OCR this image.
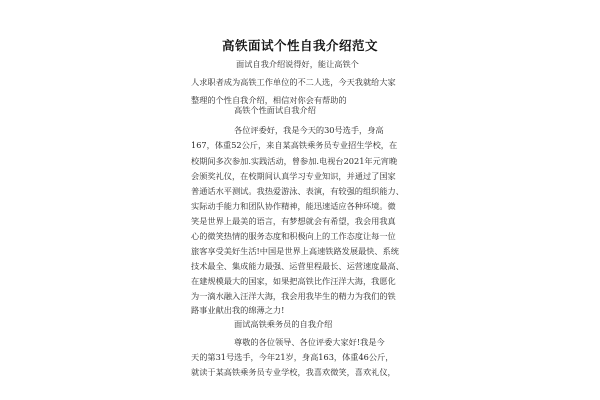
高铁面试个性自我介绍范文
面试自我介绍说得好，能让高铁个
人求职者成为高铁工作单位的不二人选，今天我就给大家
整理的个性自我介绍，相信对你会有帮助的
高铁个性面试自我介绍
各位评委好，我是今天的30号选手，身高
167，体重52公斤，来自某高铁乘务员专业招生学校，在
校期间多次参加.实践活动，曾参加.电视台2021年元宵晚
会颁奖礼仪，在校期间认真学习专业知识，并通过了国家
普通话水平测试。我热爱游泳、表演，有较强的组织能力、
实际动手能力和团队协作精神，能迅速适应各种环境。微
笑是世界上最美的语言，有梦想就会有希望，我会用我真
心的微笑热情的服务态度和积极向上的工作态度让每一位
旅客享受美好生活!中国是世界上高速铁路发展最快、系统
技术最全、集成能力最强、运营里程最长、运营速度最高、
在建规模最大的国家，如果把高铁比作汪洋大海，我愿化
为一滴水融入汪洋大海，我会用我毕生的精力为我们的铁
路事业献出我的绵薄之力!
面试高铁乘务员的自我介绍
尊敬的各位领导、各位评委大家好!我是今
天的第31号选手，今年21岁，身高163，体重46公斤，
就读于某高铁乘务员专业学校，我喜欢微笑，喜欢礼仪，
